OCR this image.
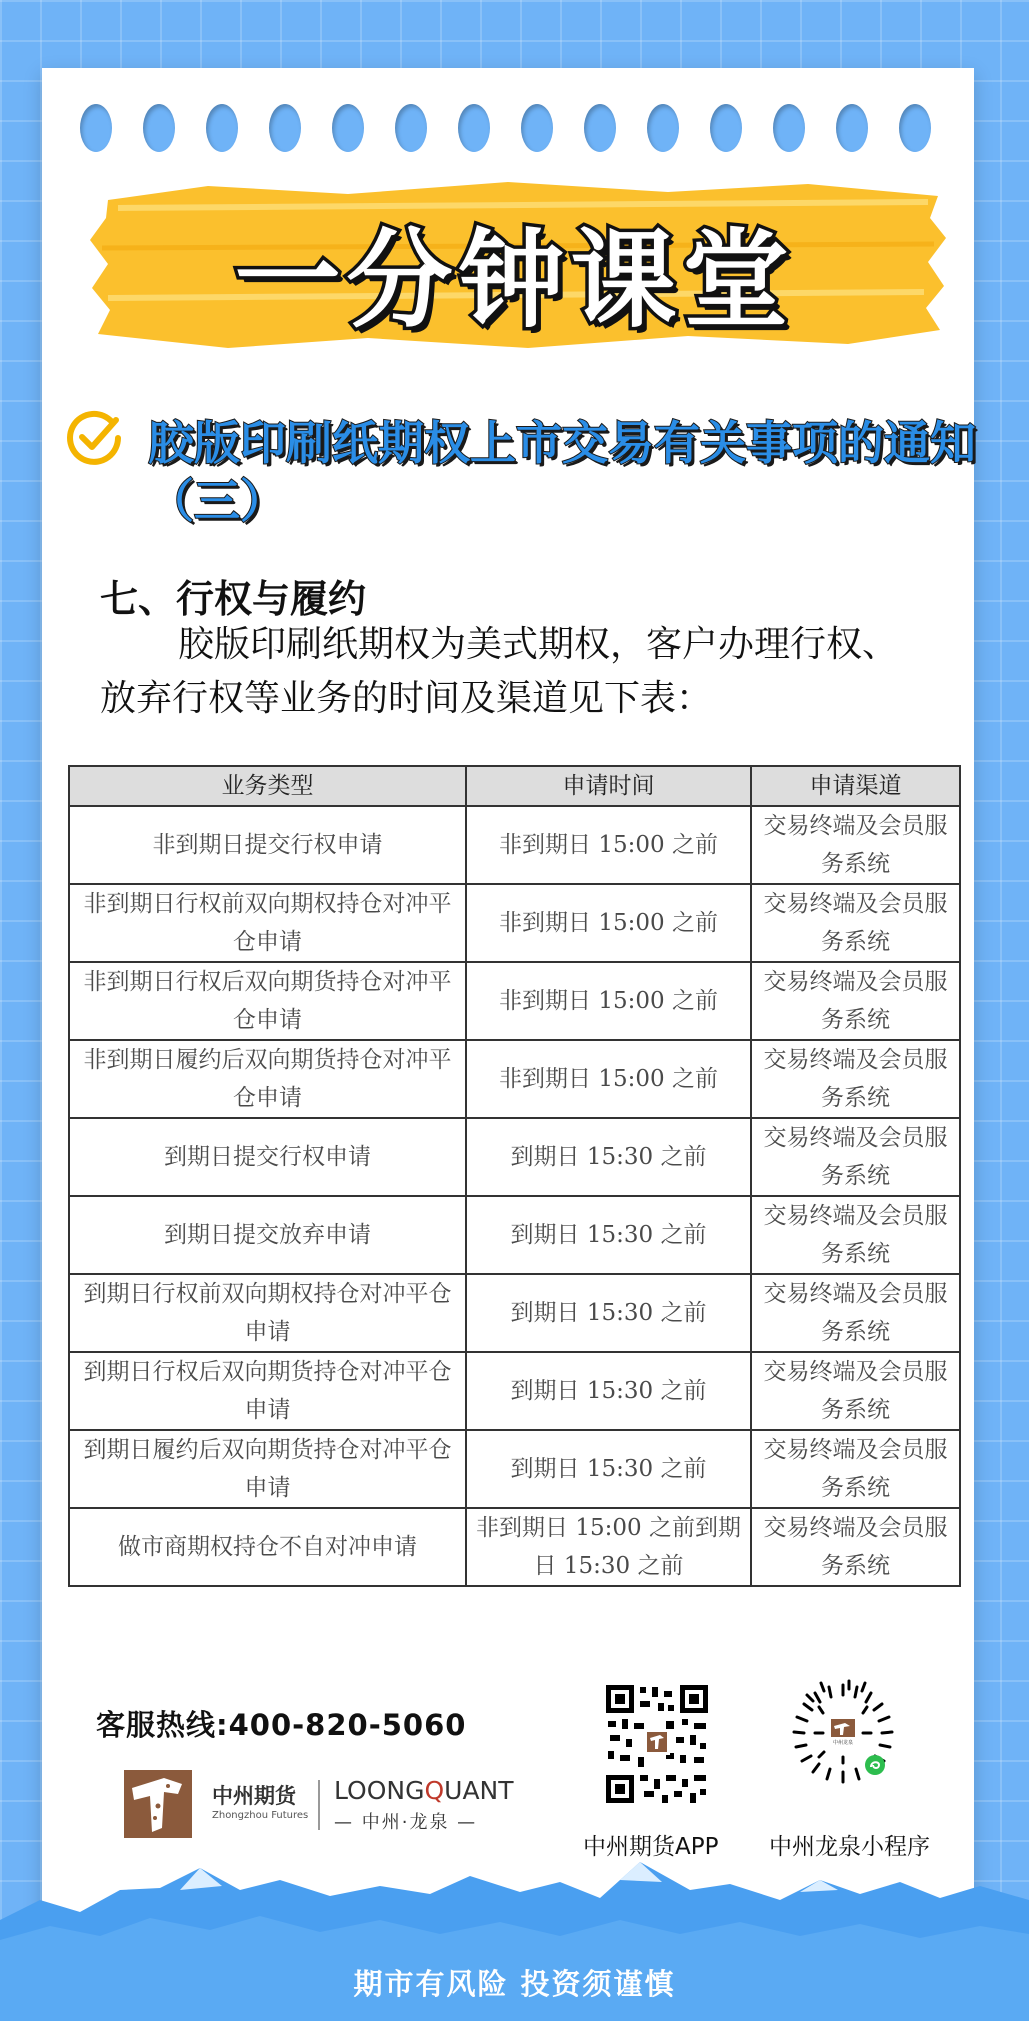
一分钟课堂
胶版印刷纸期权上市交易有关事项的通知（三）
七、行权与履约
胶版印刷纸期权为美式期权，客户办理行权、放弃行权等业务的时间及渠道见下表：
业务类型	申请时间	申请渠道
非到期日提交行权申请	非到期日 15:00 之前	交易终端及会员服务系统
非到期日行权前双向期权持仓对冲平仓申请	非到期日 15:00 之前	交易终端及会员服务系统
非到期日行权后双向期货持仓对冲平仓申请	非到期日 15:00 之前	交易终端及会员服务系统
非到期日履约后双向期货持仓对冲平仓申请	非到期日 15:00 之前	交易终端及会员服务系统
到期日提交行权申请	到期日 15:30 之前	交易终端及会员服务系统
到期日提交放弃申请	到期日 15:30 之前	交易终端及会员服务系统
到期日行权前双向期权持仓对冲平仓申请	到期日 15:30 之前	交易终端及会员服务系统
到期日行权后双向期货持仓对冲平仓申请	到期日 15:30 之前	交易终端及会员服务系统
到期日履约后双向期货持仓对冲平仓申请	到期日 15:30 之前	交易终端及会员服务系统
做市商期权持仓不自对冲申请	非到期日 15:00 之前到期日 15:30 之前	交易终端及会员服务系统
客服热线:400-820-5060
中州期货
Zhongzhou Futures
LOONGQUANT
— 中州·龙泉 —
中州龙泉
中州期货APP 中州龙泉小程序
期市有风险 投资须谨慎
